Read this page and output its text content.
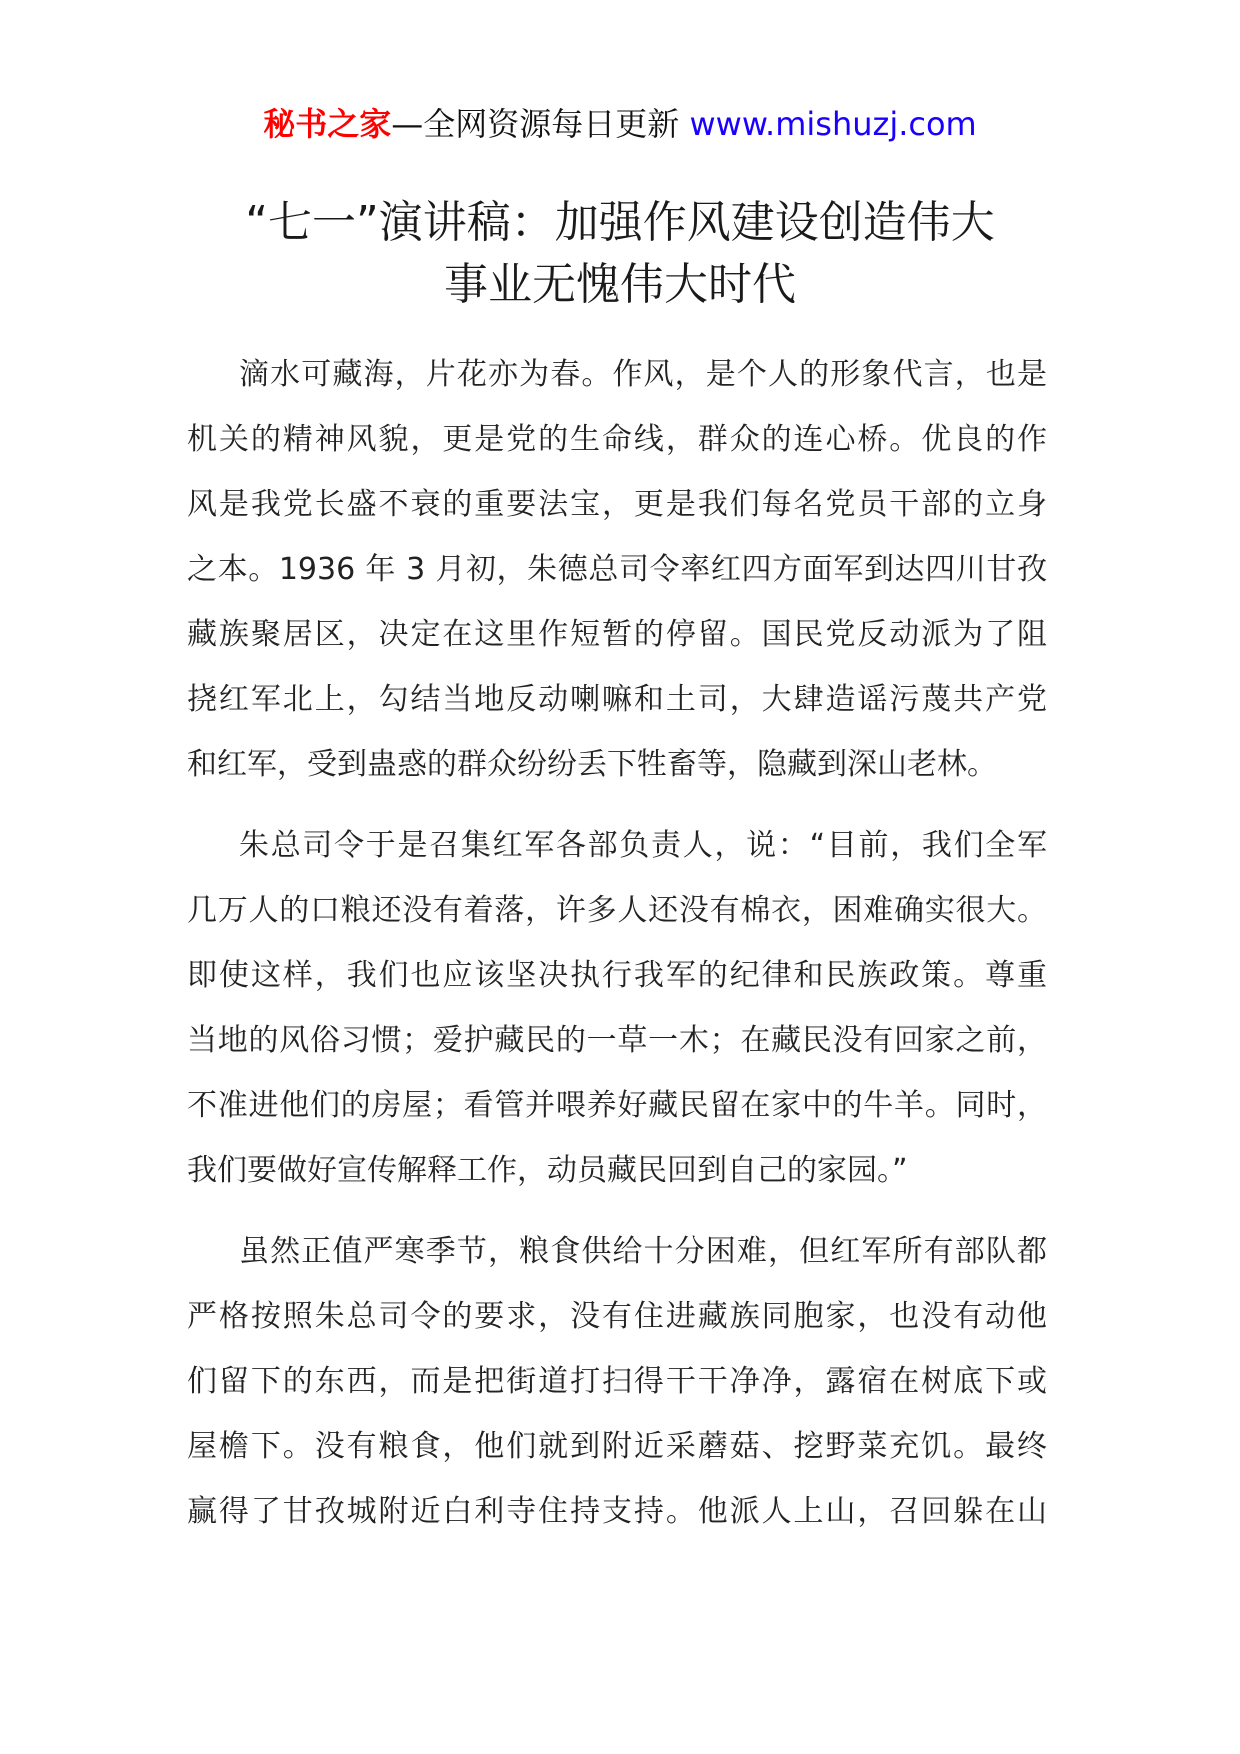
秘书之家—全网资源每日更新 www.mishuzj.com
“七一”演讲稿：加强作风建设创造伟大
事业无愧伟大时代

滴水可藏海，片花亦为春。作风，是个人的形象代言，也是
机关的精神风貌，更是党的生命线，群众的连心桥。优良的作
风是我党长盛不衰的重要法宝，更是我们每名党员干部的立身
之本。1936 年 3 月初，朱德总司令率红四方面军到达四川甘孜
藏族聚居区，决定在这里作短暂的停留。国民党反动派为了阻
挠红军北上，勾结当地反动喇嘛和土司，大肆造谣污蔑共产党
和红军，受到蛊惑的群众纷纷丢下牲畜等，隐藏到深山老林。

朱总司令于是召集红军各部负责人，说：“目前，我们全军
几万人的口粮还没有着落，许多人还没有棉衣，困难确实很大。
即使这样，我们也应该坚决执行我军的纪律和民族政策。尊重
当地的风俗习惯；爱护藏民的一草一木；在藏民没有回家之前，
不准进他们的房屋；看管并喂养好藏民留在家中的牛羊。同时，
我们要做好宣传解释工作，动员藏民回到自己的家园。”

虽然正值严寒季节，粮食供给十分困难，但红军所有部队都
严格按照朱总司令的要求，没有住进藏族同胞家，也没有动他
们留下的东西，而是把街道打扫得干干净净，露宿在树底下或
屋檐下。没有粮食，他们就到附近采蘑菇、挖野菜充饥。最终
赢得了甘孜城附近白利寺住持支持。他派人上山，召回躲在山
